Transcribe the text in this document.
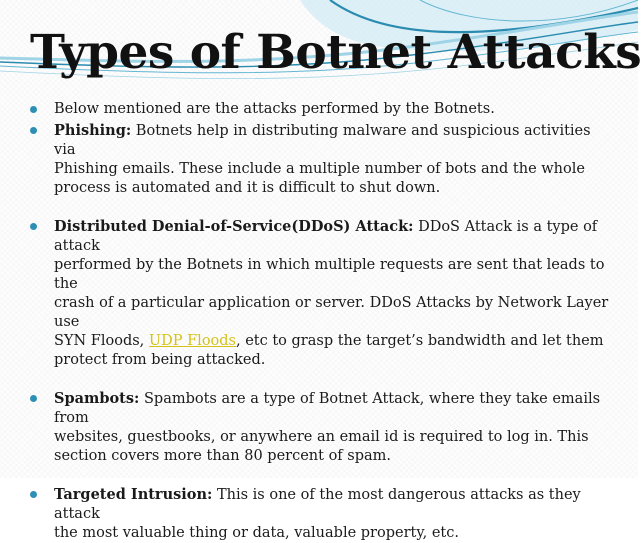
Types of Botnet Attacks
Below mentioned are the attacks performed by the Botnets.
Phishing: Botnets help in distributing malware and suspicious activities via
Phishing emails. These include a multiple number of bots and the whole
process is automated and it is difficult to shut down.
Distributed Denial-of-Service(DDoS) Attack: DDoS Attack is a type of attack
performed by the Botnets in which multiple requests are sent that leads to the
crash of a particular application or server. DDoS Attacks by Network Layer use
SYN Floods, UDP Floods, etc to grasp the target’s bandwidth and let them
protect from being attacked.
Spambots: Spambots are a type of Botnet Attack, where they take emails from
websites, guestbooks, or anywhere an email id is required to log in. This
section covers more than 80 percent of spam.
Targeted Intrusion: This is one of the most dangerous attacks as they attack
the most valuable thing or data, valuable property, etc.
